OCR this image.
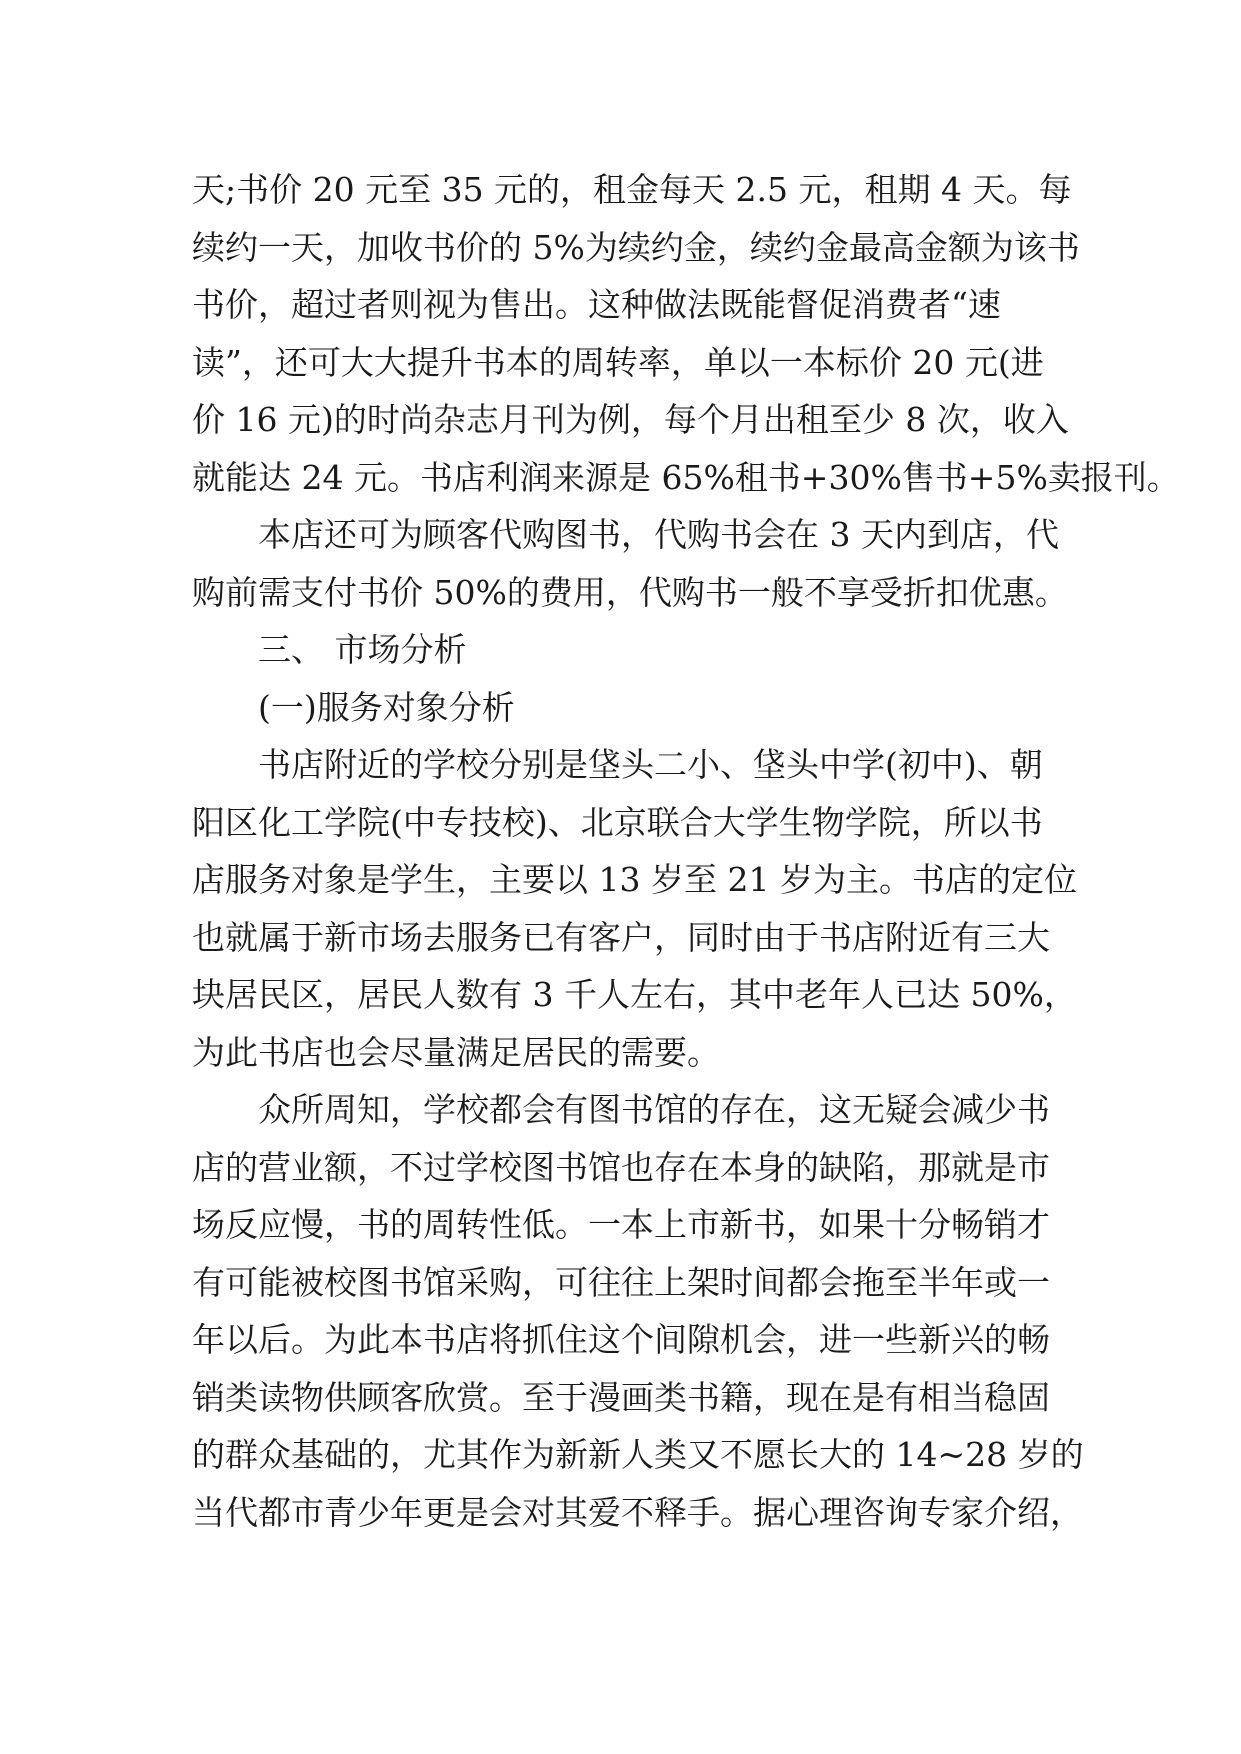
天;书价 20 元至 35 元的，租金每天 2.5 元，租期 4 天。每
续约一天，加收书价的 5%为续约金，续约金最高金额为该书
书价，超过者则视为售出。这种做法既能督促消费者“速
读”，还可大大提升书本的周转率，单以一本标价 20 元(进
价 16 元)的时尚杂志月刊为例，每个月出租至少 8 次，收入
就能达 24 元。书店利润来源是 65%租书+30%售书+5%卖报刊。
　　本店还可为顾客代购图书，代购书会在 3 天内到店，代
购前需支付书价 50%的费用，代购书一般不享受折扣优惠。
　　三、 市场分析
　　(一)服务对象分析
　　书店附近的学校分别是垡头二小、垡头中学(初中)、朝
阳区化工学院(中专技校)、北京联合大学生物学院，所以书
店服务对象是学生，主要以 13 岁至 21 岁为主。书店的定位
也就属于新市场去服务已有客户，同时由于书店附近有三大
块居民区，居民人数有 3 千人左右，其中老年人已达 50%，
为此书店也会尽量满足居民的需要。
　　众所周知，学校都会有图书馆的存在，这无疑会减少书
店的营业额，不过学校图书馆也存在本身的缺陷，那就是市
场反应慢，书的周转性低。一本上市新书，如果十分畅销才
有可能被校图书馆采购，可往往上架时间都会拖至半年或一
年以后。为此本书店将抓住这个间隙机会，进一些新兴的畅
销类读物供顾客欣赏。至于漫画类书籍，现在是有相当稳固
的群众基础的，尤其作为新新人类又不愿长大的 14~28 岁的
当代都市青少年更是会对其爱不释手。据心理咨询专家介绍，
